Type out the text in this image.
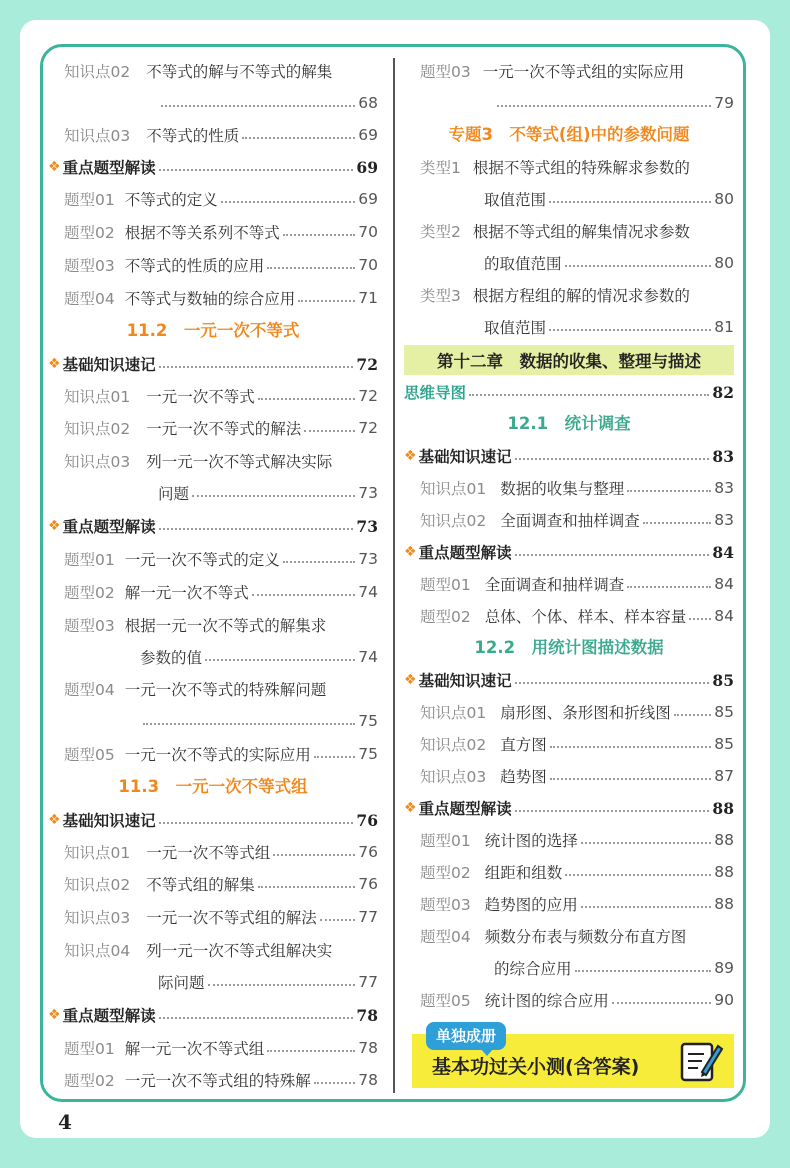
知识点02 不等式的解与不等式的解集
68
知识点03 不等式的性质	69
❖ 重点题型解读	69
题型01 不等式的定义	69
题型02 根据不等关系列不等式	70
题型03 不等式的性质的应用	70
题型04 不等式与数轴的综合应用	71
11.2　一元一次不等式
❖ 基础知识速记	72
知识点01 一元一次不等式	72
知识点02 一元一次不等式的解法	72
知识点03 列一元一次不等式解决实际
问题	73
❖ 重点题型解读	73
题型01 一元一次不等式的定义	73
题型02 解一元一次不等式	74
题型03 根据一元一次不等式的解集求
参数的值	74
题型04 一元一次不等式的特殊解问题
75
题型05 一元一次不等式的实际应用	75
11.3　一元一次不等式组
❖ 基础知识速记	76
知识点01 一元一次不等式组	76
知识点02 不等式组的解集	76
知识点03 一元一次不等式组的解法	77
知识点04 列一元一次不等式组解决实
际问题	77
❖ 重点题型解读	78
题型01 解一元一次不等式组	78
题型02 一元一次不等式组的特殊解	78
题型03 一元一次不等式组的实际应用
79
专题3　不等式(组)中的参数问题
类型1 根据不等式组的特殊解求参数的
取值范围	80
类型2 根据不等式组的解集情况求参数
的取值范围	80
类型3 根据方程组的解的情况求参数的
取值范围	81
第十二章　数据的收集、整理与描述
思维导图	82
12.1　统计调查
❖ 基础知识速记	83
知识点01 数据的收集与整理	83
知识点02 全面调查和抽样调查	83
❖ 重点题型解读	84
题型01 全面调查和抽样调查	84
题型02 总体、个体、样本、样本容量 84
12.2　用统计图描述数据
❖ 基础知识速记	85
知识点01 扇形图、条形图和折线图	85
知识点02 直方图	85
知识点03 趋势图	87
❖ 重点题型解读	88
题型01 统计图的选择	88
题型02 组距和组数	88
题型03 趋势图的应用	88
题型04 频数分布表与频数分布直方图
的综合应用	89
题型05 统计图的综合应用	90
单独成册
基本功过关小测(含答案)
4
